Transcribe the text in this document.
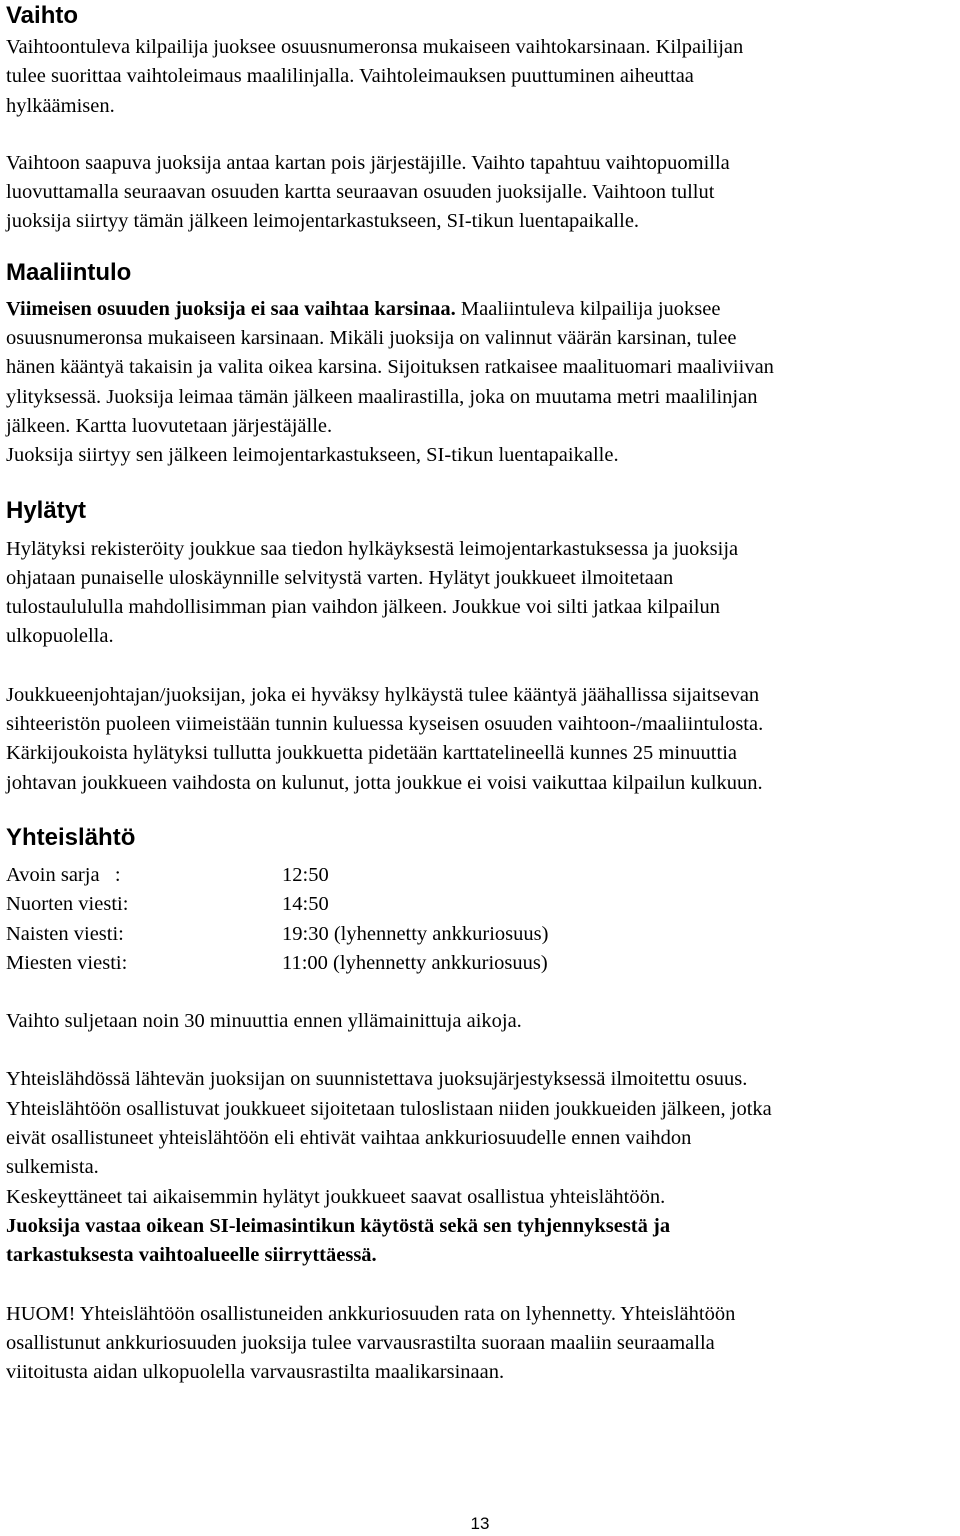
Vaihto

Vaihtoontuleva kilpailija juoksee osuusnumeronsa mukaiseen vaihtokarsinaan. Kilpailijan
tulee suorittaa vaihtoleimaus maalilinjalla. Vaihtoleimauksen puuttuminen aiheuttaa
hylkäämisen.

Vaihtoon saapuva juoksija antaa kartan pois järjestäjille. Vaihto tapahtuu vaihtopuomilla
luovuttamalla seuraavan osuuden kartta seuraavan osuuden juoksijalle. Vaihtoon tullut
juoksija siirtyy tämän jälkeen leimojentarkastukseen, SI-tikun luentapaikalle.

Maaliintulo

Viimeisen osuuden juoksija ei saa vaihtaa karsinaa. Maaliintuleva kilpailija juoksee
osuusnumeronsa mukaiseen karsinaan. Mikäli juoksija on valinnut väärän karsinan, tulee
hänen kääntyä takaisin ja valita oikea karsina. Sijoituksen ratkaisee maalituomari maaliviivan
ylityksessä. Juoksija leimaa tämän jälkeen maalirastilla, joka on muutama metri maalilinjan
jälkeen. Kartta luovutetaan järjestäjälle.
Juoksija siirtyy sen jälkeen leimojentarkastukseen, SI-tikun luentapaikalle.

Hylätyt

Hylätyksi rekisteröity joukkue saa tiedon hylkäyksestä leimojentarkastuksessa ja juoksija
ohjataan punaiselle uloskäynnille selvitystä varten. Hylätyt joukkueet ilmoitetaan
tulostaulululla mahdollisimman pian vaihdon jälkeen. Joukkue voi silti jatkaa kilpailun
ulkopuolella.

Joukkueenjohtajan/juoksijan, joka ei hyväksy hylkäystä tulee kääntyä jäähallissa sijaitsevan
sihteeristön puoleen viimeistään tunnin kuluessa kyseisen osuuden vaihtoon-/maaliintulosta.
Kärkijoukoista hylätyksi tullutta joukkuetta pidetään karttatelineellä kunnes 25 minuuttia
johtavan joukkueen vaihdosta on kulunut, jotta joukkue ei voisi vaikuttaa kilpailun kulkuun.

Yhteislähtö
Avoin sarja   :	12:50
Nuorten viesti:	14:50
Naisten viesti:	19:30 (lyhennetty ankkuriosuus)
Miesten viesti:	11:00 (lyhennetty ankkuriosuus)

Vaihto suljetaan noin 30 minuuttia ennen yllämainittuja aikoja.

Yhteislähdössä lähtevän juoksijan on suunnistettava juoksujärjestyksessä ilmoitettu osuus.
Yhteislähtöön osallistuvat joukkueet sijoitetaan tuloslistaan niiden joukkueiden jälkeen, jotka
eivät osallistuneet yhteislähtöön eli ehtivät vaihtaa ankkuriosuudelle ennen vaihdon
sulkemista.
Keskeyttäneet tai aikaisemmin hylätyt joukkueet saavat osallistua yhteislähtöön.

Juoksija vastaa oikean SI-leimasintikun käytöstä sekä sen tyhjennyksestä ja
tarkastuksesta vaihtoalueelle siirryttäessä.

HUOM! Yhteislähtöön osallistuneiden ankkuriosuuden rata on lyhennetty. Yhteislähtöön
osallistunut ankkuriosuuden juoksija tulee varvausrastilta suoraan maaliin seuraamalla
viitoitusta aidan ulkopuolella varvausrastilta maalikarsinaan.

13
